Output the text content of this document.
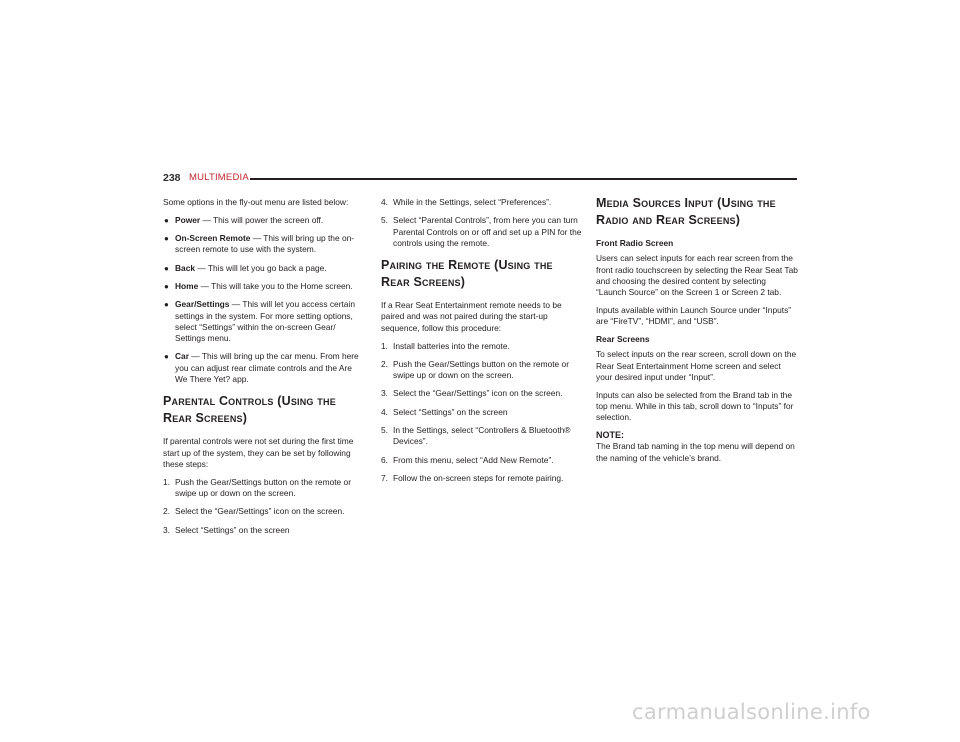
238 MULTIMEDIA

Some options in the fly-out menu are listed below:

● Power — This will power the screen off.
● On-Screen Remote — This will bring up the on-screen remote to use with the system.
● Back — This will let you go back a page.
● Home — This will take you to the Home screen.
● Gear/Settings — This will let you access certain settings in the system. For more setting options, select “Settings” within the on-screen Gear/ Settings menu.
● Car — This will bring up the car menu. From here you can adjust rear climate controls and the Are We There Yet? app.
Parental Controls (Using the Rear Screens)

If parental controls were not set during the first time start up of the system, they can be set by following these steps:

1. Push the Gear/Settings button on the remote or swipe up or down on the screen.
2. Select the “Gear/Settings” icon on the screen.
3. Select “Settings” on the screen
4. While in the Settings, select “Preferences”.
5. Select “Parental Controls”, from here you can turn Parental Controls on or off and set up a PIN for the controls using the remote.
Pairing the Remote (Using the Rear Screens)

If a Rear Seat Entertainment remote needs to be paired and was not paired during the start-up sequence, follow this procedure:

1. Install batteries into the remote.
2. Push the Gear/Settings button on the remote or swipe up or down on the screen.
3. Select the “Gear/Settings” icon on the screen.
4. Select “Settings” on the screen
5. In the Settings, select “Controllers & Bluetooth® Devices”.
6. From this menu, select “Add New Remote”.
7. Follow the on-screen steps for remote pairing.
Media Sources Input (Using the Radio and Rear Screens)
Front Radio Screen

Users can select inputs for each rear screen from the front radio touchscreen by selecting the Rear Seat Tab and choosing the desired content by selecting “Launch Source” on the Screen 1 or Screen 2 tab.

Inputs available within Launch Source under “Inputs” are “FireTV”, “HDMI”, and “USB”.

Rear Screens

To select inputs on the rear screen, scroll down on the Rear Seat Entertainment Home screen and select your desired input under “Input”.

Inputs can also be selected from the Brand tab in the top menu. While in this tab, scroll down to “Inputs” for selection.

NOTE:

The Brand tab naming in the top menu will depend on the naming of the vehicle’s brand.

carmanualsonline.info
